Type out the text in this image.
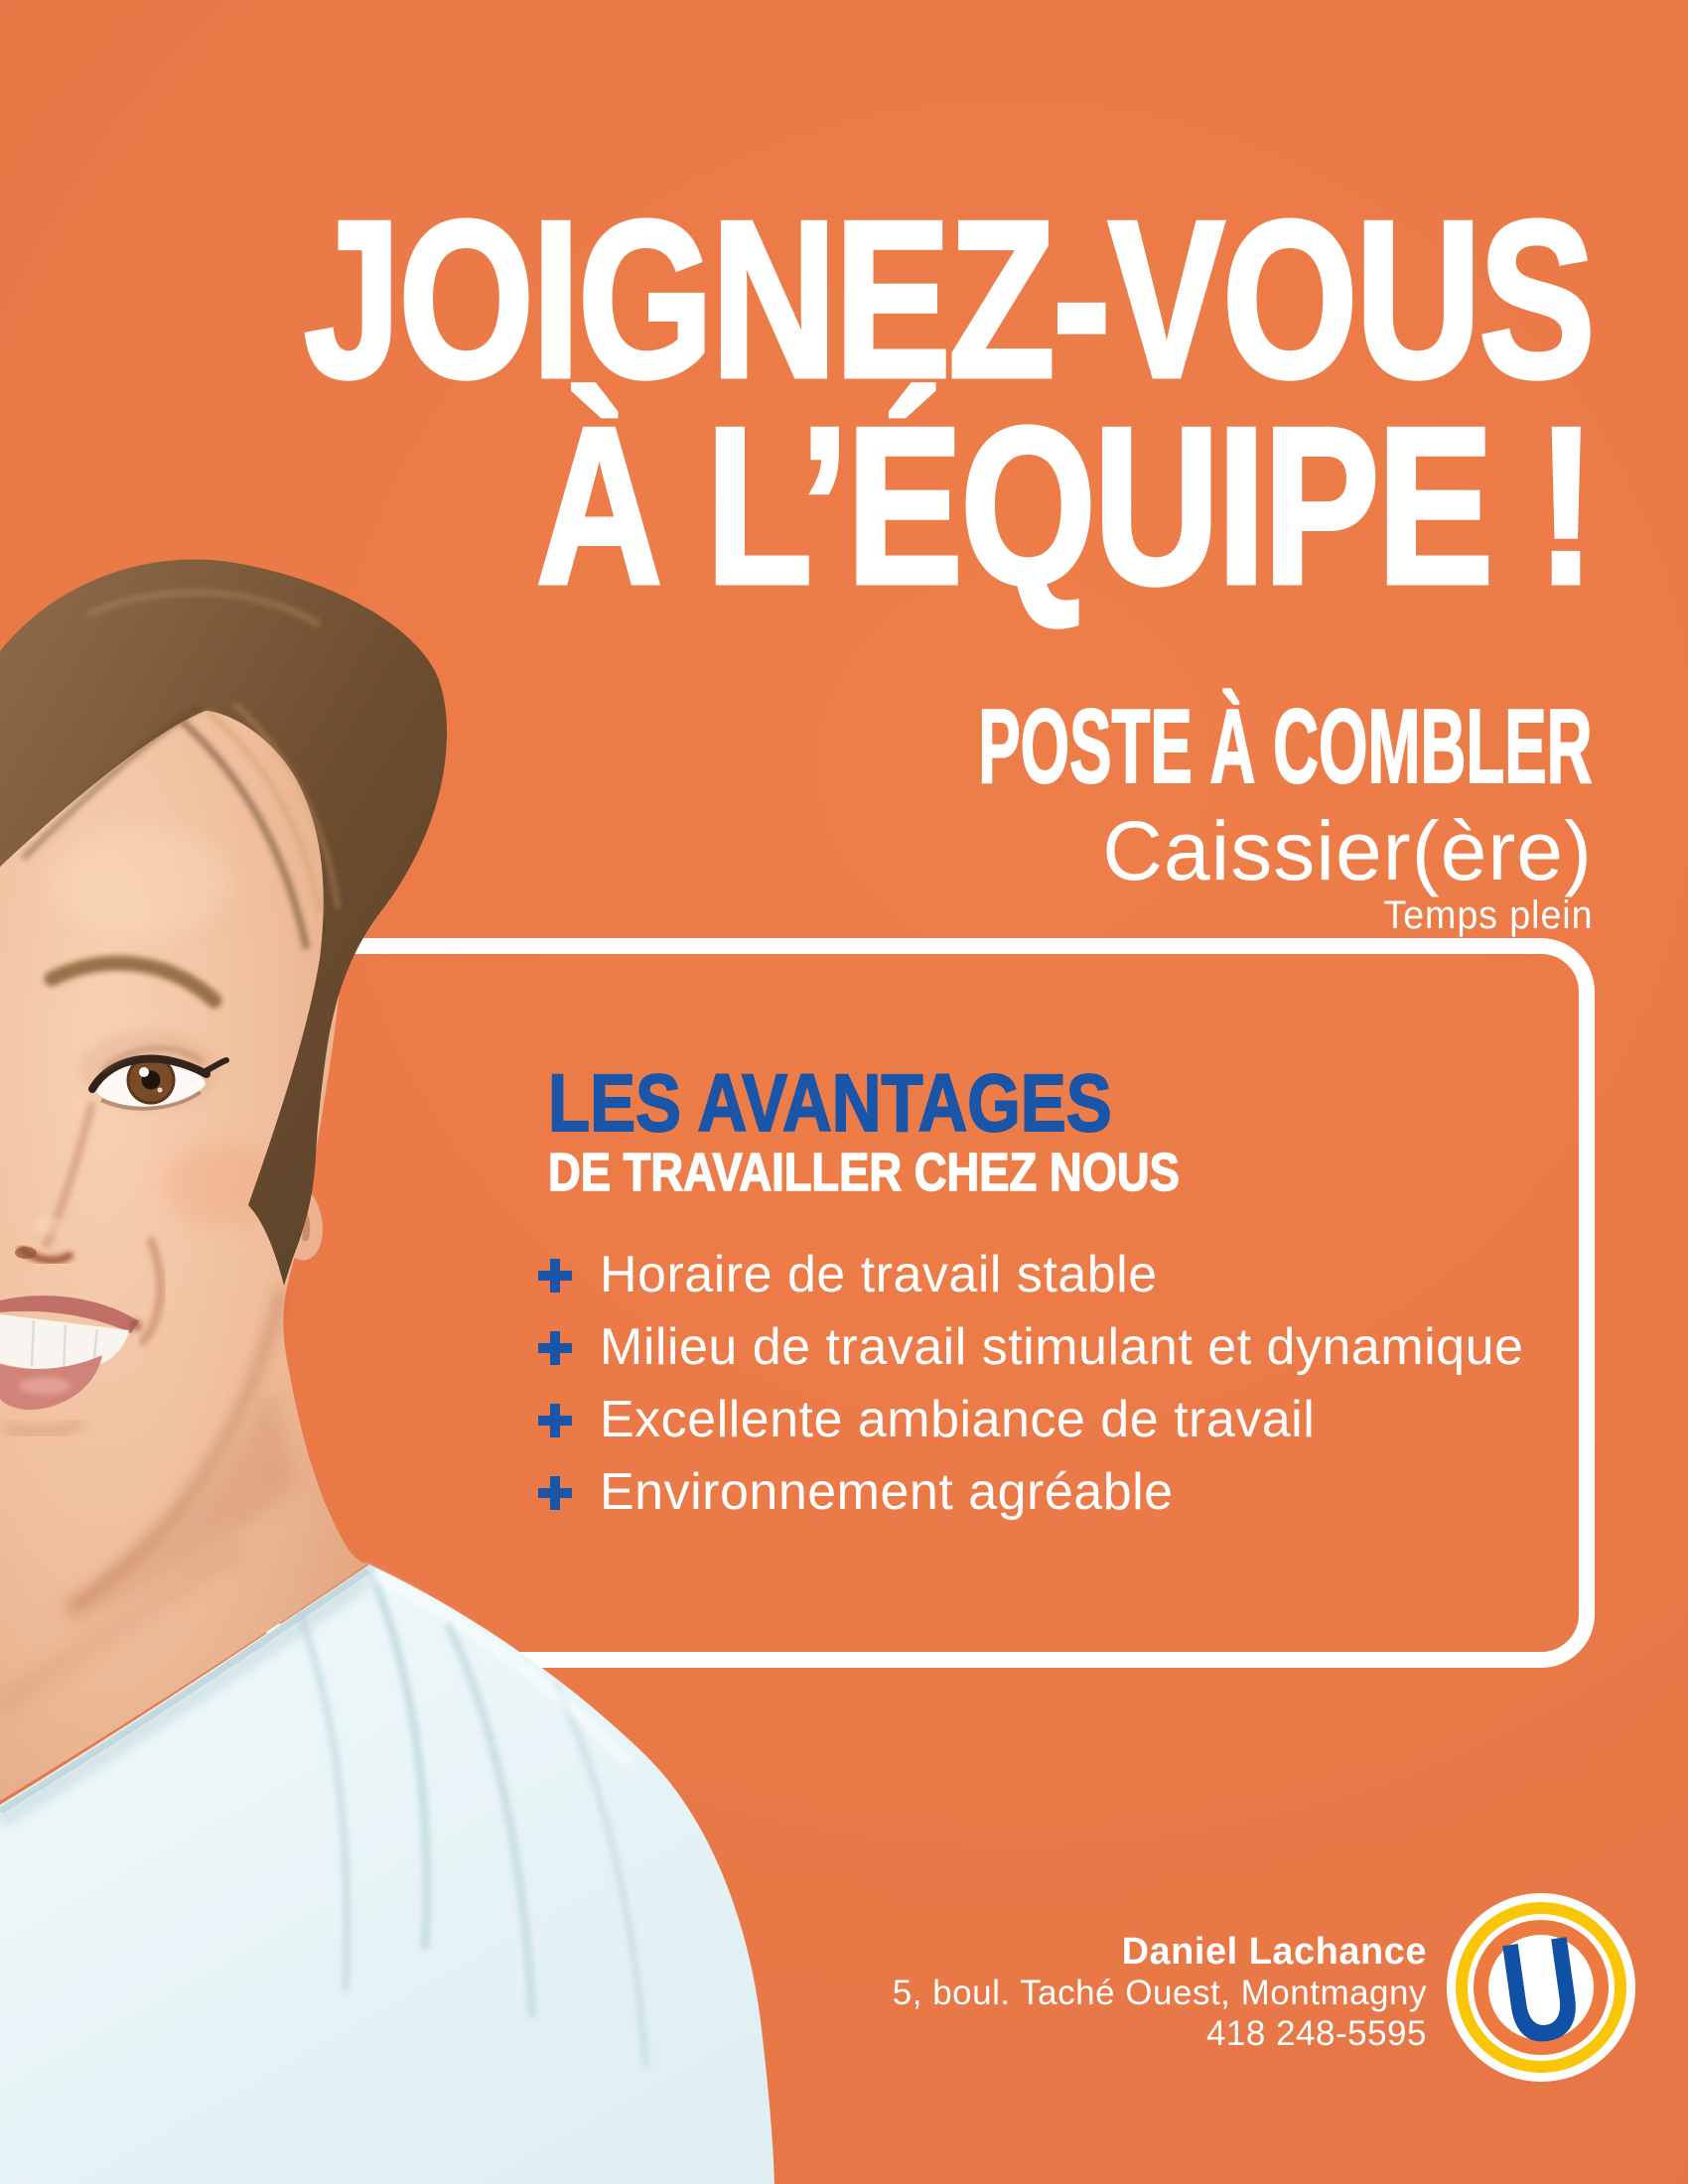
JOIGNEZ-VOUS
À L’ÉQUIPE !
POSTE À COMBLER
Caissier(ère)
Temps plein
LES AVANTAGES
DE TRAVAILLER CHEZ NOUS
Horaire de travail stable
Milieu de travail stimulant et dynamique
Excellente ambiance de travail
Environnement agréable
Daniel Lachance
5, boul. Taché Ouest, Montmagny
418 248-5595 U
